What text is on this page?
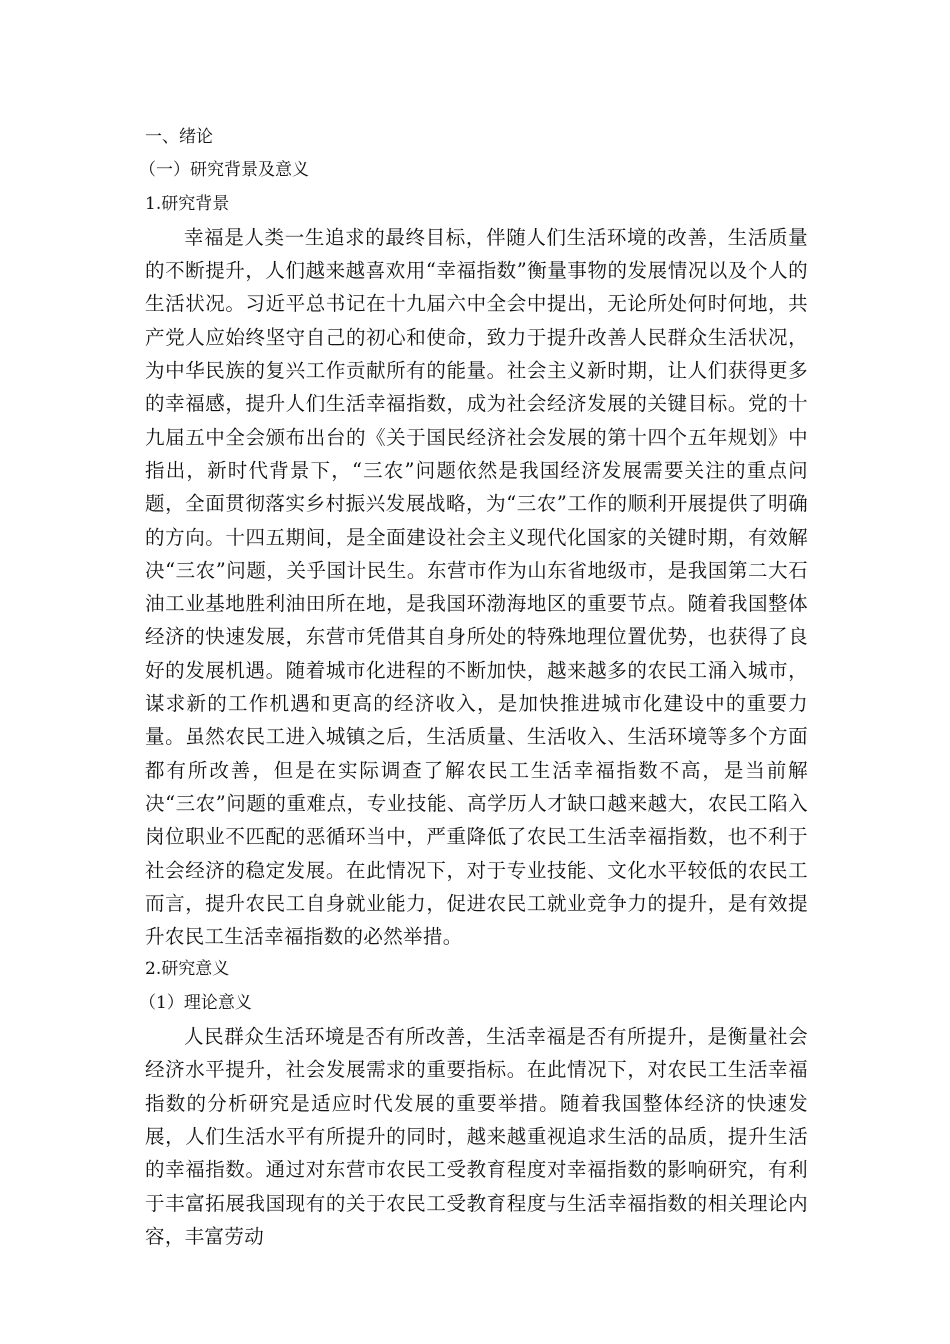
一、绪论
（一）研究背景及意义
1.研究背景

幸福是人类一生追求的最终目标，伴随人们生活环境的改善，生活质量的不断提升，人们越来越喜欢用“幸福指数”衡量事物的发展情况以及个人的生活状况。习近平总书记在十九届六中全会中提出，无论所处何时何地，共产党人应始终坚守自己的初心和使命，致力于提升改善人民群众生活状况，为中华民族的复兴工作贡献所有的能量。社会主义新时期，让人们获得更多的幸福感，提升人们生活幸福指数，成为社会经济发展的关键目标。党的十九届五中全会颁布出台的《关于国民经济社会发展的第十四个五年规划》中指出，新时代背景下，“三农”问题依然是我国经济发展需要关注的重点问题，全面贯彻落实乡村振兴发展战略，为“三农”工作的顺利开展提供了明确的方向。十四五期间，是全面建设社会主义现代化国家的关键时期，有效解决“三农”问题，关乎国计民生。东营市作为山东省地级市，是我国第二大石油工业基地胜利油田所在地，是我国环渤海地区的重要节点。随着我国整体经济的快速发展，东营市凭借其自身所处的特殊地理位置优势，也获得了良好的发展机遇。随着城市化进程的不断加快，越来越多的农民工涌入城市，谋求新的工作机遇和更高的经济收入，是加快推进城市化建设中的重要力量。虽然农民工进入城镇之后，生活质量、生活收入、生活环境等多个方面都有所改善，但是在实际调查了解农民工生活幸福指数不高，是当前解决“三农”问题的重难点，专业技能、高学历人才缺口越来越大，农民工陷入岗位职业不匹配的恶循环当中，严重降低了农民工生活幸福指数，也不利于社会经济的稳定发展。在此情况下，对于专业技能、文化水平较低的农民工而言，提升农民工自身就业能力，促进农民工就业竞争力的提升，是有效提升农民工生活幸福指数的必然举措。

2.研究意义
（1）理论意义

人民群众生活环境是否有所改善，生活幸福是否有所提升，是衡量社会经济水平提升，社会发展需求的重要指标。在此情况下，对农民工生活幸福指数的分析研究是适应时代发展的重要举措。随着我国整体经济的快速发展，人们生活水平有所提升的同时，越来越重视追求生活的品质，提升生活的幸福指数。通过对东营市农民工受教育程度对幸福指数的影响研究，有利于丰富拓展我国现有的关于农民工受教育程度与生活幸福指数的相关理论内容，丰富劳动
